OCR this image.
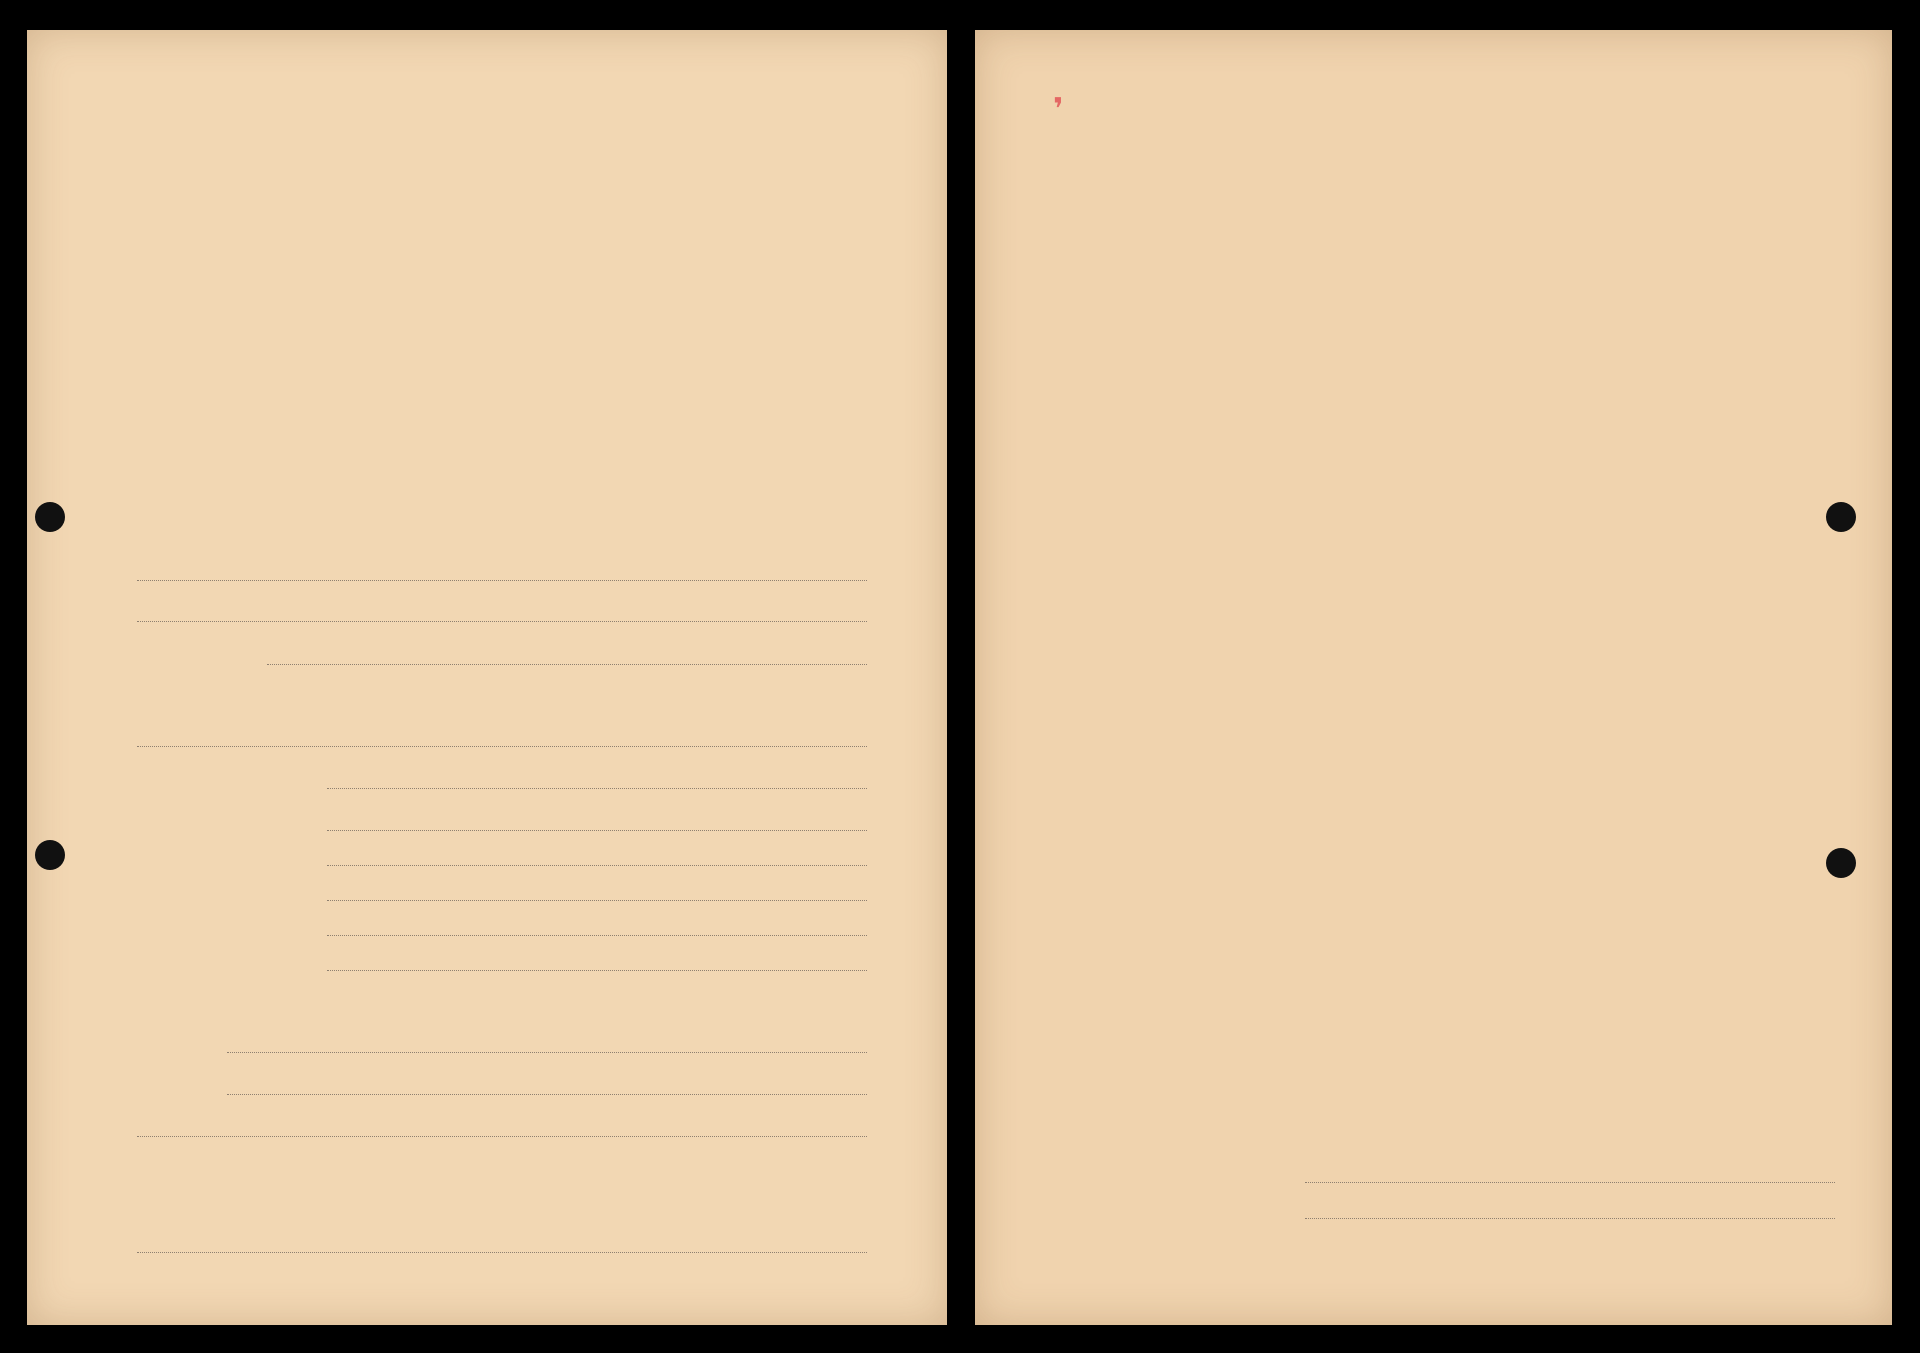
❜
